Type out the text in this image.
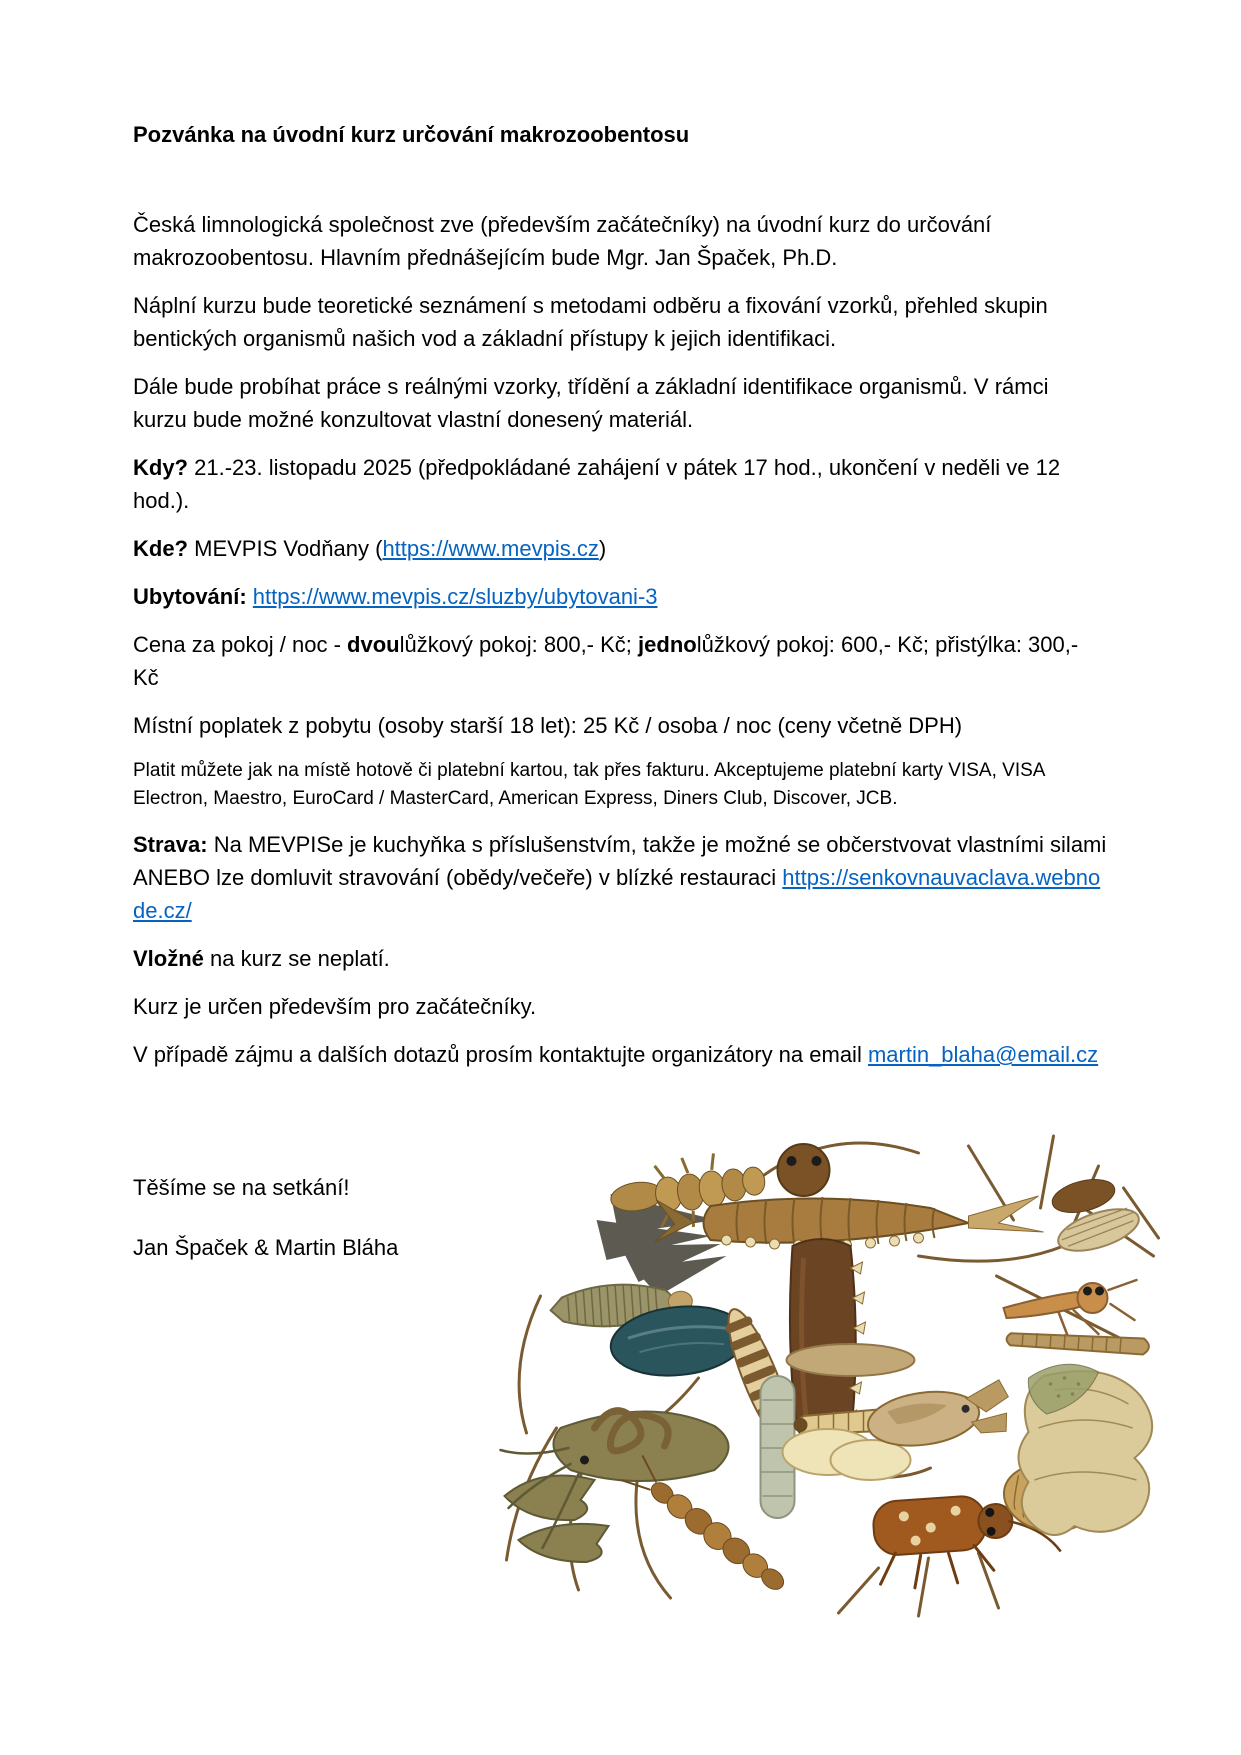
Pozvánka na úvodní kurz určování makrozoobentosu

Česká limnologická společnost zve (především začátečníky) na úvodní kurz do určování makrozoobentosu. Hlavním přednášejícím bude Mgr. Jan Špaček, Ph.D.

Náplní kurzu bude teoretické seznámení s metodami odběru a fixování vzorků, přehled skupin bentických organismů našich vod a základní přístupy k jejich identifikaci.

Dále bude probíhat práce s reálnými vzorky, třídění a základní identifikace organismů. V rámci kurzu bude možné konzultovat vlastní donesený materiál.

Kdy? 21.-23. listopadu 2025 (předpokládané zahájení v pátek 17 hod., ukončení v neděli ve 12 hod.).

Kde? MEVPIS Vodňany (https://www.mevpis.cz)

Ubytování: https://www.mevpis.cz/sluzby/ubytovani-3

Cena za pokoj / noc - dvoulůžkový pokoj: 800,- Kč; jednolůžkový pokoj: 600,- Kč; přistýlka: 300,- Kč

Místní poplatek z pobytu (osoby starší 18 let): 25 Kč / osoba / noc (ceny včetně DPH)

Platit můžete jak na místě hotově či platební kartou, tak přes fakturu. Akceptujeme platební karty VISA, VISA Electron, Maestro, EuroCard / MasterCard, American Express, Diners Club, Discover, JCB.

Strava: Na MEVPISe je kuchyňka s příslušenstvím, takže je možné se občerstvovat vlastními silami ANEBO lze domluvit stravování (obědy/večeře) v blízké restauraci https://senkovnauvaclava.webnode.cz/

Vložné na kurz se neplatí.

Kurz je určen především pro začátečníky.

V případě zájmu a dalších dotazů prosím kontaktujte organizátory na email martin_blaha@email.cz

Těšíme se na setkání!

Jan Špaček & Martin Bláha
